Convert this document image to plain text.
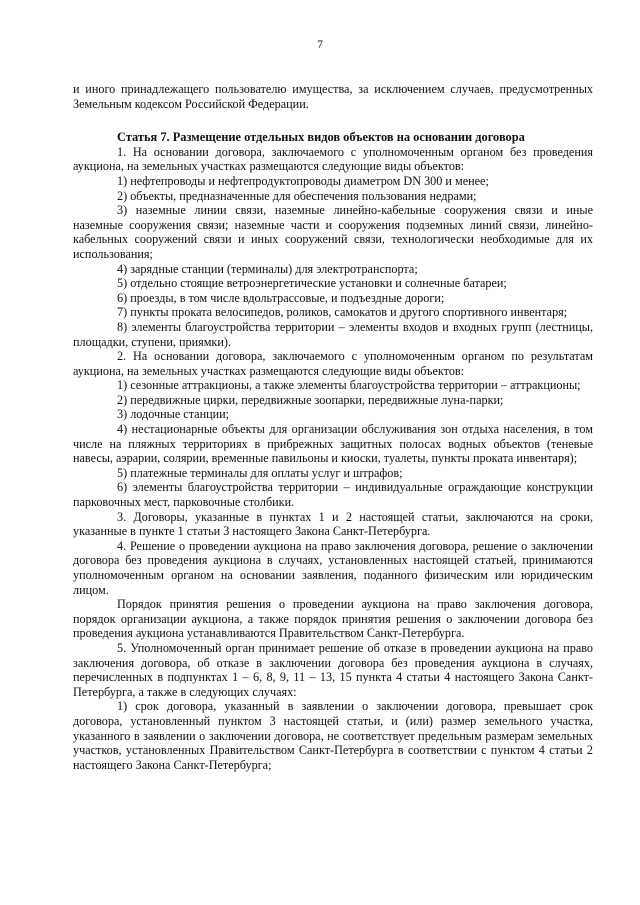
7

и иного принадлежащего пользователю имущества, за исключением случаев, предусмотренных Земельным кодексом Российской Федерации.

Статья 7. Размещение отдельных видов объектов на основании договора

1. На основании договора, заключаемого с уполномоченным органом без проведения аукциона, на земельных участках размещаются следующие виды объектов:

1) нефтепроводы и нефтепродуктопроводы диаметром DN 300 и менее;

2) объекты, предназначенные для обеспечения пользования недрами;

3) наземные линии связи, наземные линейно-кабельные сооружения связи и иные наземные сооружения связи; наземные части и сооружения подземных линий связи, линейно-кабельных сооружений связи и иных сооружений связи, технологически необходимые для их использования;

4) зарядные станции (терминалы) для электротранспорта;

5) отдельно стоящие ветроэнергетические установки и солнечные батареи;

6) проезды, в том числе вдольтрассовые, и подъездные дороги;

7) пункты проката велосипедов, роликов, самокатов и другого спортивного инвентаря;

8) элементы благоустройства территории – элементы входов и входных групп (лестницы, площадки, ступени, приямки).

2. На основании договора, заключаемого с уполномоченным органом по результатам аукциона, на земельных участках размещаются следующие виды объектов:

1) сезонные аттракционы, а также элементы благоустройства территории – аттракционы;

2) передвижные цирки, передвижные зоопарки, передвижные луна-парки;

3) лодочные станции;

4) нестационарные объекты для организации обслуживания зон отдыха населения, в том числе на пляжных территориях в прибрежных защитных полосах водных объектов (теневые навесы, аэрарии, солярии, временные павильоны и киоски, туалеты, пункты проката инвентаря);

5) платежные терминалы для оплаты услуг и штрафов;

6) элементы благоустройства территории – индивидуальные ограждающие конструкции парковочных мест, парковочные столбики.

3. Договоры, указанные в пунктах 1 и 2 настоящей статьи, заключаются на сроки, указанные в пункте 1 статьи 3 настоящего Закона Санкт-Петербурга.

4. Решение о проведении аукциона на право заключения договора, решение о заключении договора без проведения аукциона в случаях, установленных настоящей статьей, принимаются уполномоченным органом на основании заявления, поданного физическим или юридическим лицом.

Порядок принятия решения о проведении аукциона на право заключения договора, порядок организации аукциона, а также порядок принятия решения о заключении договора без проведения аукциона устанавливаются Правительством Санкт-Петербурга.

5. Уполномоченный орган принимает решение об отказе в проведении аукциона на право заключения договора, об отказе в заключении договора без проведения аукциона в случаях, перечисленных в подпунктах 1 – 6, 8, 9, 11 – 13, 15 пункта 4 статьи 4 настоящего Закона Санкт-Петербурга, а также в следующих случаях:

1) срок договора, указанный в заявлении о заключении договора, превышает срок договора, установленный пунктом 3 настоящей статьи, и (или) размер земельного участка, указанного в заявлении о заключении договора, не соответствует предельным размерам земельных участков, установленных Правительством Санкт-Петербурга в соответствии с пунктом 4 статьи 2 настоящего Закона Санкт-Петербурга;
